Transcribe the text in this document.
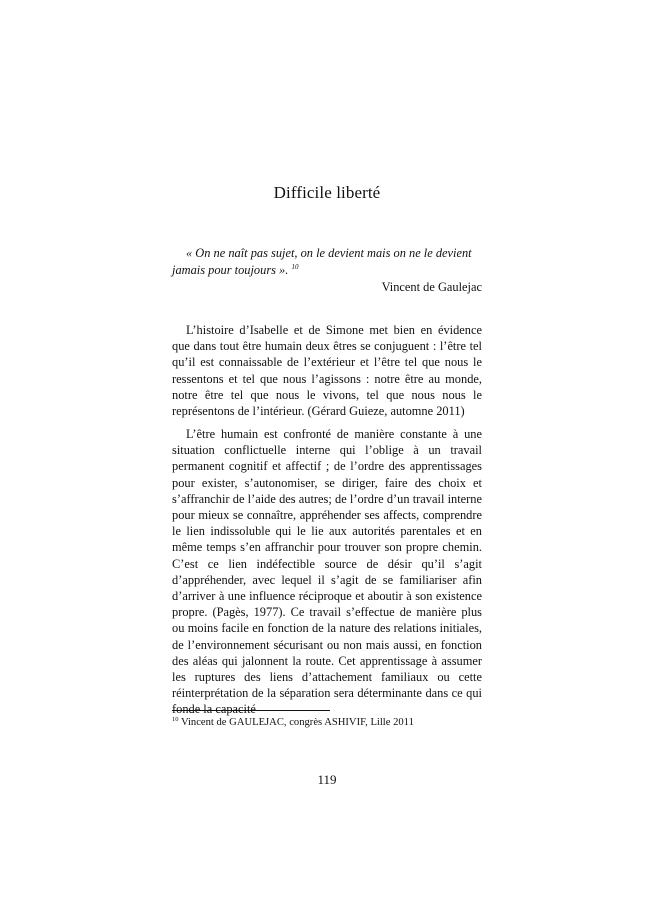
Difficile liberté
« On ne naît pas sujet, on le devient mais on ne le devient jamais pour toujours ». $^{10}$
Vincent de Gaulejac

L’histoire d’Isabelle et de Simone met bien en évidence que dans tout être humain deux êtres se conjuguent : l’être tel qu’il est connaissable de l’extérieur et l’être tel que nous le ressentons et tel que nous l’agissons : notre être au monde, notre être tel que nous le vivons, tel que nous nous le représentons de l’intérieur. (Gérard Guieze, automne 2011)

L’être humain est confronté de manière constante à une situation conflictuelle interne qui l’oblige à un travail permanent cognitif et affectif ; de l’ordre des apprentissages pour exister, s’autonomiser, se diriger, faire des choix et s’affranchir de l’aide des autres; de l’ordre d’un travail interne pour mieux se connaître, appréhender ses affects, comprendre le lien indissoluble qui le lie aux autorités parentales et en même temps s’en affranchir pour trouver son propre chemin. C’est ce lien indéfectible source de désir qu’il s’agit d’appréhender, avec lequel il s’agit de se familiariser afin d’arriver à une influence réciproque et aboutir à son existence propre. (Pagès, 1977). Ce travail s’effectue de manière plus ou moins facile en fonction de la nature des relations initiales, de l’environnement sécurisant ou non mais aussi, en fonction des aléas qui jalonnent la route. Cet apprentissage à assumer les ruptures des liens d’attachement familiaux ou cette réinterprétation de la séparation sera déterminante dans ce qui fonde la capacité

$^{10}$ Vincent de GAULEJAC, congrès ASHIVIF, Lille 2011
119
